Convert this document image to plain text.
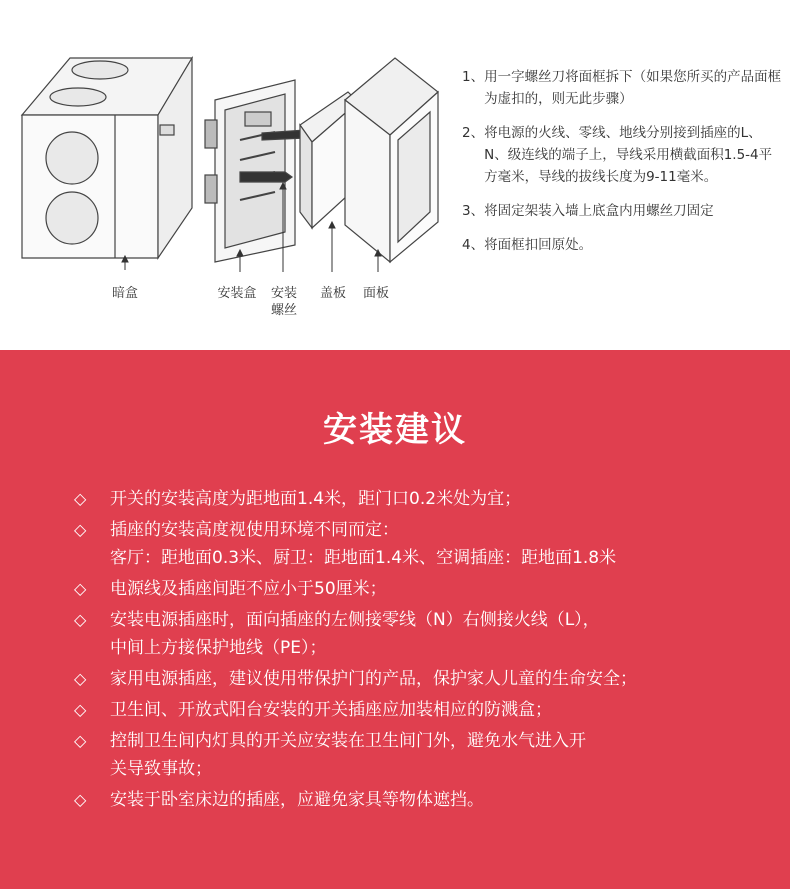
暗盒	安装盒	安装
螺丝
盖板	面板
1、 用一字螺丝刀将面框拆下（如果您所买的产品面框为虚扣的，则无此步骤）
2、 将电源的火线、零线、地线分别接到插座的L、N、级连线的端子上，导线采用横截面积1.5-4平方毫米，导线的拔线长度为9-11毫米。
3、 将固定架装入墙上底盒内用螺丝刀固定
4、 将面框扣回原处。
安装建议
◇	开关的安装高度为距地面1.4米，距门口0.2米处为宜；
◇	插座的安装高度视使用环境不同而定：
客厅：距地面0.3米、厨卫：距地面1.4米、空调插座：距地面1.8米
◇	电源线及插座间距不应小于50厘米；
◇	安装电源插座时，面向插座的左侧接零线（N）右侧接火线（L），
中间上方接保护地线（PE）；
◇	家用电源插座，建议使用带保护门的产品，保护家人儿童的生命安全；
◇	卫生间、开放式阳台安装的开关插座应加装相应的防溅盒；
◇	控制卫生间内灯具的开关应安装在卫生间门外，避免水气进入开
关导致事故；
◇	安装于卧室床边的插座，应避免家具等物体遮挡。
